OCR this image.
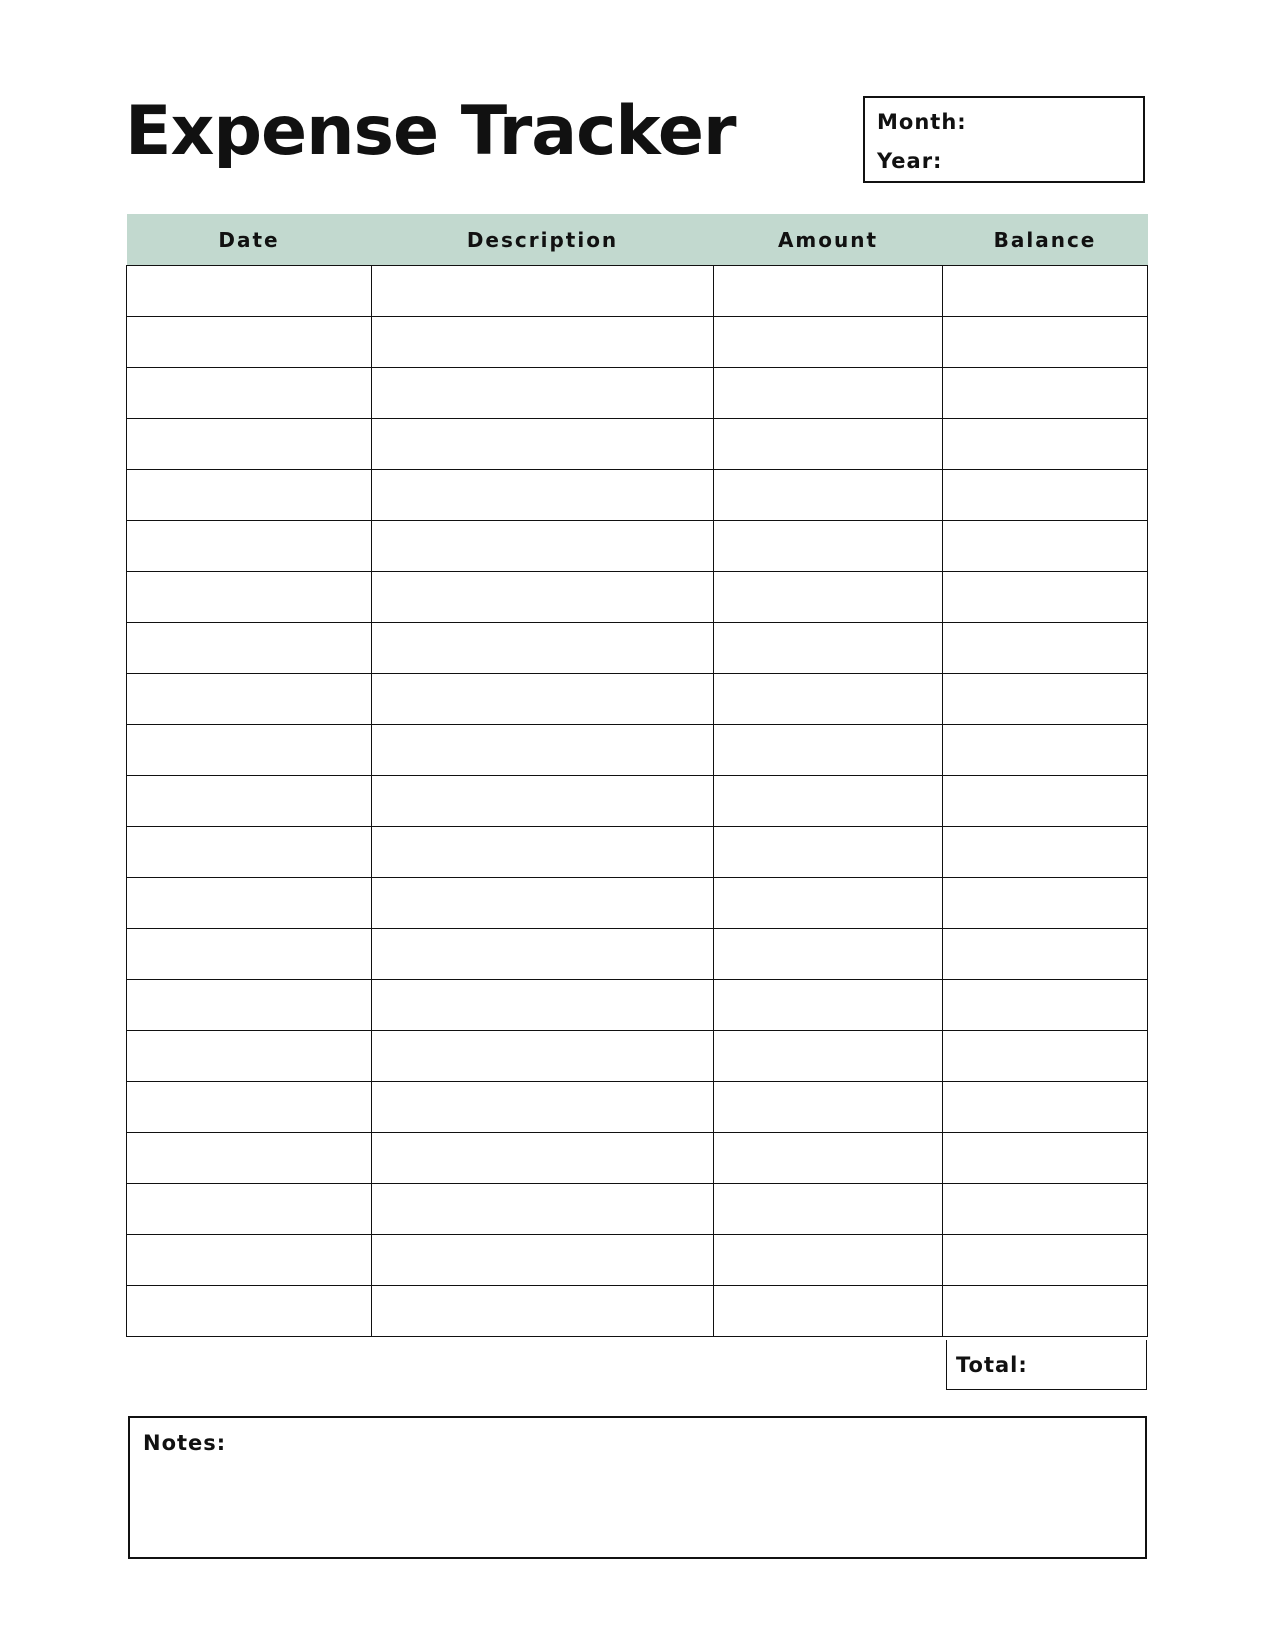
Expense Tracker	Month:
Year:
Date	Description	Amount	Balance

Total:
Notes:
